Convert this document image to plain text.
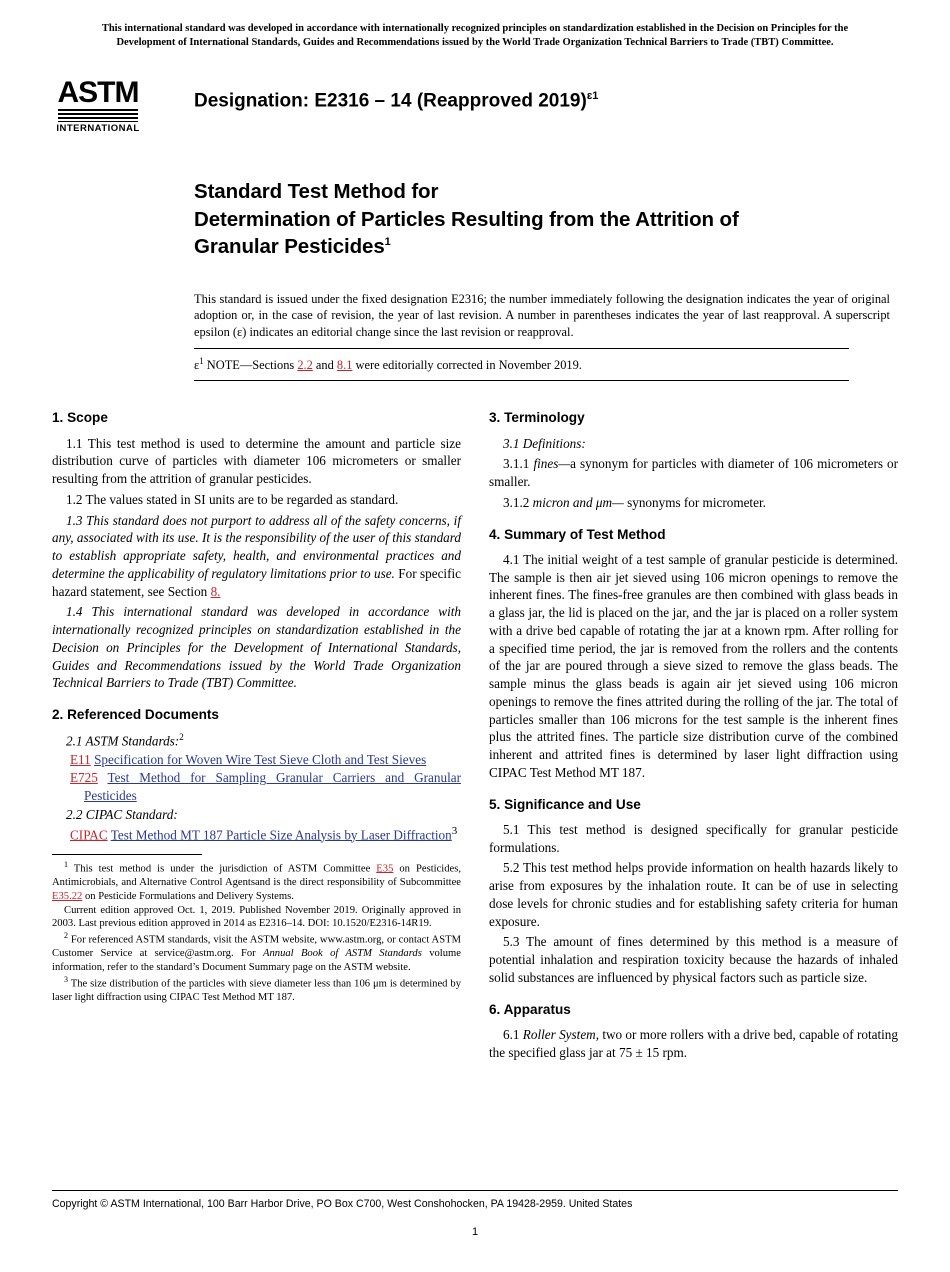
This international standard was developed in accordance with internationally recognized principles on standardization established in the Decision on Principles for the
Development of International Standards, Guides and Recommendations issued by the World Trade Organization Technical Barriers to Trade (TBT) Committee.
ASTM
INTERNATIONAL
Designation: E2316 – 14 (Reapproved 2019)$^{ɛ1}$
Standard Test Method for
Determination of Particles Resulting from the Attrition of
Granular Pesticides$^1$
This standard is issued under the fixed designation E2316; the number immediately following the designation indicates the year of original adoption or, in the case of revision, the year of last revision. A number in parentheses indicates the year of last reapproval. A superscript epsilon (ɛ) indicates an editorial change since the last revision or reapproval.
ɛ$^1$ NOTE—Sections 2.2 and 8.1 were editorially corrected in November 2019.
1. Scope

1.1 This test method is used to determine the amount and particle size distribution curve of particles with diameter 106 micrometers or smaller resulting from the attrition of granular pesticides.

1.2 The values stated in SI units are to be regarded as standard.

1.3 This standard does not purport to address all of the safety concerns, if any, associated with its use. It is the responsibility of the user of this standard to establish appropriate safety, health, and environmental practices and determine the applicability of regulatory limitations prior to use. For specific hazard statement, see Section 8.

1.4 This international standard was developed in accordance with internationally recognized principles on standardization established in the Decision on Principles for the Development of International Standards, Guides and Recommendations issued by the World Trade Organization Technical Barriers to Trade (TBT) Committee.

2. Referenced Documents

2.1 ASTM Standards:$^2$

E11 Specification for Woven Wire Test Sieve Cloth and Test Sieves

E725 Test Method for Sampling Granular Carriers and Granular Pesticides

2.2 CIPAC Standard:

CIPAC Test Method MT 187 Particle Size Analysis by Laser Diffraction$^3$

$^1$ This test method is under the jurisdiction of ASTM Committee E35 on Pesticides, Antimicrobials, and Alternative Control Agentsand is the direct responsibility of Subcommittee E35.22 on Pesticide Formulations and Delivery Systems.

Current edition approved Oct. 1, 2019. Published November 2019. Originally approved in 2003. Last previous edition approved in 2014 as E2316–14. DOI: 10.1520/E2316-14R19.

$^2$ For referenced ASTM standards, visit the ASTM website, www.astm.org, or contact ASTM Customer Service at service@astm.org. For Annual Book of ASTM Standards volume information, refer to the standard’s Document Summary page on the ASTM website.

$^3$ The size distribution of the particles with sieve diameter less than 106 μm is determined by laser light diffraction using CIPAC Test Method MT 187.

3. Terminology

3.1 Definitions:

3.1.1 fines—a synonym for particles with diameter of 106 micrometers or smaller.

3.1.2 micron and μm— synonyms for micrometer.

4. Summary of Test Method

4.1 The initial weight of a test sample of granular pesticide is determined. The sample is then air jet sieved using 106 micron openings to remove the inherent fines. The fines-free granules are then combined with glass beads in a glass jar, the lid is placed on the jar, and the jar is placed on a roller system with a drive bed capable of rotating the jar at a known rpm. After rolling for a specified time period, the jar is removed from the rollers and the contents of the jar are poured through a sieve sized to remove the glass beads. The sample minus the glass beads is again air jet sieved using 106 micron openings to remove the fines attrited during the rolling of the jar. The total of particles smaller than 106 microns for the test sample is the inherent fines plus the attrited fines. The particle size distribution curve of the combined inherent and attrited fines is determined by laser light diffraction using CIPAC Test Method MT 187.

5. Significance and Use

5.1 This test method is designed specifically for granular pesticide formulations.

5.2 This test method helps provide information on health hazards likely to arise from exposures by the inhalation route. It can be of use in selecting dose levels for chronic studies and for establishing safety criteria for human exposure.

5.3 The amount of fines determined by this method is a measure of potential inhalation and respiration toxicity because the hazards of inhaled solid substances are influenced by physical factors such as particle size.

6. Apparatus

6.1 Roller System, two or more rollers with a drive bed, capable of rotating the specified glass jar at 75 ± 15 rpm.

Copyright © ASTM International, 100 Barr Harbor Drive, PO Box C700, West Conshohocken, PA 19428-2959. United States
1
